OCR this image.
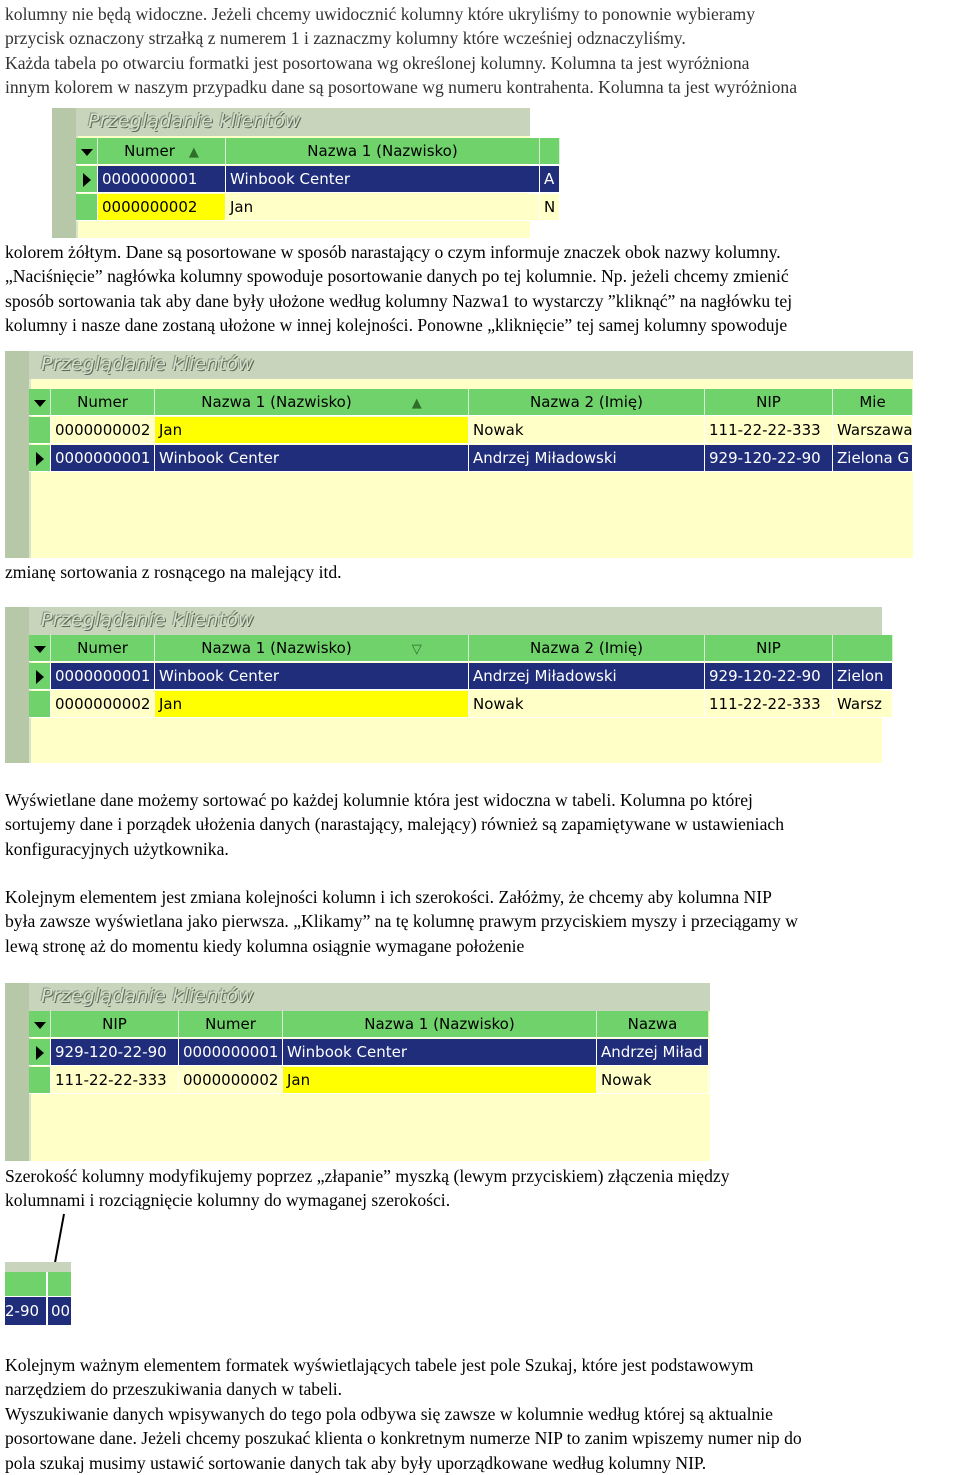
kolumny nie będą widoczne. Jeżeli chcemy uwidocznić kolumny które ukryliśmy to ponownie wybieramy
przycisk oznaczony strzałką z numerem 1 i zaznaczmy kolumny które wcześniej odznaczyliśmy.
Każda tabela po otwarciu formatki jest posortowana wg określonej kolumny. Kolumna ta jest wyróżniona
innym kolorem w naszym przypadku dane są posortowane wg numeru kontrahenta. Kolumna ta jest wyróżniona
Przeglądanie klientów
Numer ▲	Nazwa 1 (Nazwisko)
0000000001	Winbook Center	A
0000000002	Jan	N
kolorem żółtym. Dane są posortowane w sposób narastający o czym informuje znaczek obok nazwy kolumny.
„Naciśnięcie” nagłówka kolumny spowoduje posortowanie danych po tej kolumnie. Np. jeżeli chcemy zmienić
sposób sortowania tak aby dane były ułożone według kolumny Nazwa1 to wystarczy ”kliknąć” na nagłówku tej
kolumny i nasze dane zostaną ułożone w innej kolejności. Ponowne „kliknięcie” tej samej kolumny spowoduje
Przeglądanie klientów
Numer	Nazwa 1 (Nazwisko)	▲	Nazwa 2 (Imię)	NIP	Mie
0000000002 Jan	Nowak	111-22-22-333	Warszawa
0000000001 Winbook Center	Andrzej Miładowski	929-120-22-90	Zielona G
zmianę sortowania z rosnącego na malejący itd.
Przeglądanie klientów
Numer	Nazwa 1 (Nazwisko)	▽	Nazwa 2 (Imię)	NIP
0000000001 Winbook Center	Andrzej Miładowski	929-120-22-90	Zielon
0000000002 Jan	Nowak	111-22-22-333	Warsz
Wyświetlane dane możemy sortować po każdej kolumnie która jest widoczna w tabeli. Kolumna po której
sortujemy dane i porządek ułożenia danych (narastający, malejący) również są zapamiętywane w ustawieniach
konfiguracyjnych użytkownika.
Kolejnym elementem jest zmiana kolejności kolumn i ich szerokości. Załóżmy, że chcemy aby kolumna NIP
była zawsze wyświetlana jako pierwsza. „Klikamy” na tę kolumnę prawym przyciskiem myszy i przeciągamy w
lewą stronę aż do momentu kiedy kolumna osiągnie wymagane położenie
Przeglądanie klientów
NIP	Numer	Nazwa 1 (Nazwisko)	Nazwa
929-120-22-90	0000000001 Winbook Center	Andrzej Miład
111-22-22-333	0000000002 Jan	Nowak
Szerokość kolumny modyfikujemy poprzez „złapanie” myszką (lewym przyciskiem) złączenia między
kolumnami i rozciągnięcie kolumny do wymaganej szerokości.
2-90 00
Kolejnym ważnym elementem formatek wyświetlających tabele jest pole Szukaj, które jest podstawowym
narzędziem do przeszukiwania danych w tabeli.
Wyszukiwanie danych wpisywanych do tego pola odbywa się zawsze w kolumnie według której są aktualnie
posortowane dane. Jeżeli chcemy poszukać klienta o konkretnym numerze NIP to zanim wpiszemy numer nip do
pola szukaj musimy ustawić sortowanie danych tak aby były uporządkowane według kolumny NIP.
